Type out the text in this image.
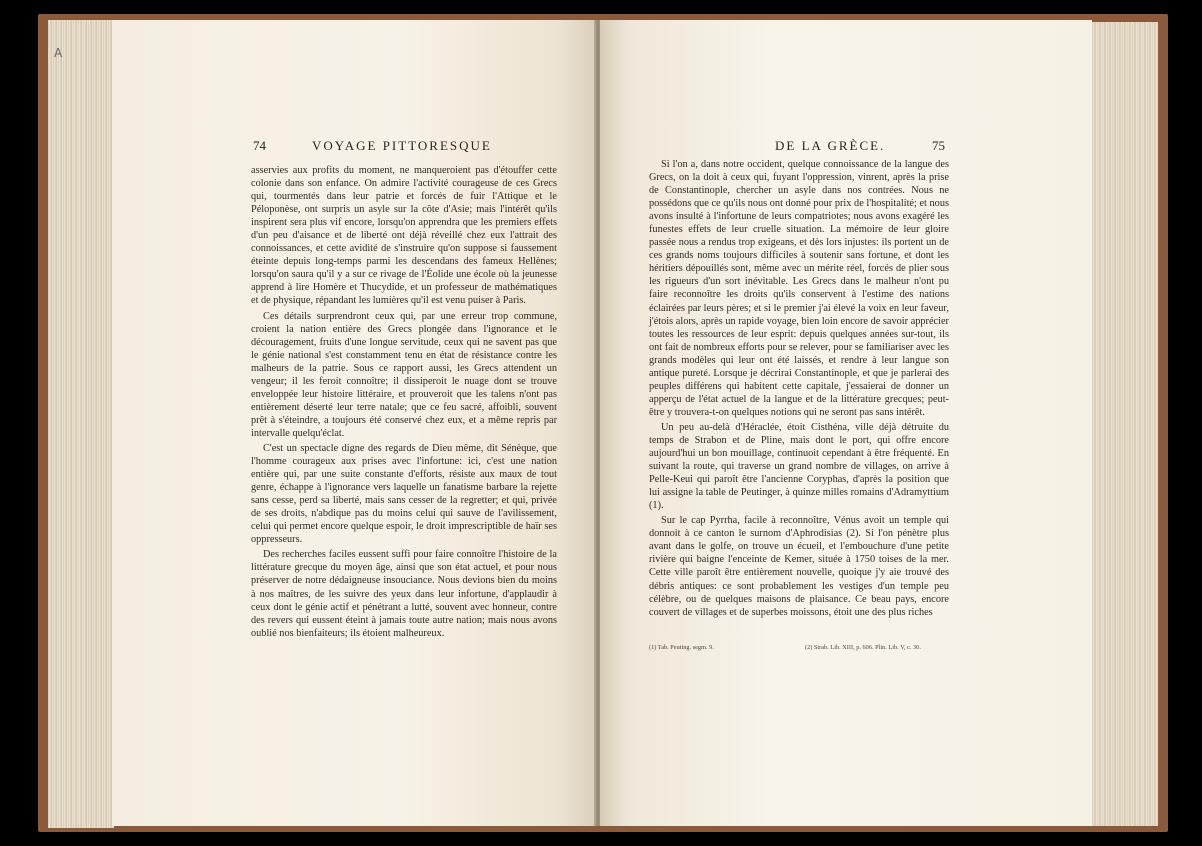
A
74	VOYAGE PITTORESQUE

asservies aux profits du moment, ne manqueroient pas d'étouffer cette colonie dans son enfance. On admire l'activité courageuse de ces Grecs qui, tourmentés dans leur patrie et forcés de fuir l'Attique et le Péloponèse, ont surpris un asyle sur la côte d'Asie; mais l'intérêt qu'ils inspirent sera plus vif encore, lorsqu'on apprendra que les premiers effets d'un peu d'aisance et de liberté ont déjà réveillé chez eux l'attrait des connoissances, et cette avidité de s'instruire qu'on suppose si faussement éteinte depuis long-temps parmi les descendans des fameux Hellènes; lorsqu'on saura qu'il y a sur ce rivage de l'Éolide une école où la jeunesse apprend à lire Homère et Thucydide, et un professeur de mathématiques et de physique, répandant les lumières qu'il est venu puiser à Paris.

Ces détails surprendront ceux qui, par une erreur trop commune, croient la nation entière des Grecs plongée dans l'ignorance et le découragement, fruits d'une longue servitude, ceux qui ne savent pas que le génie national s'est constamment tenu en état de résistance contre les malheurs de la patrie. Sous ce rapport aussi, les Grecs attendent un vengeur; il les feroit connoître; il dissiperoit le nuage dont se trouve enveloppée leur histoire littéraire, et prouveroit que les talens n'ont pas entièrement déserté leur terre natale; que ce feu sacré, affoibli, souvent prêt à s'éteindre, a toujours été conservé chez eux, et a même repris par intervalle quelqu'éclat.

C'est un spectacle digne des regards de Dieu même, dit Sénèque, que l'homme courageux aux prises avec l'infortune: ici, c'est une nation entière qui, par une suite constante d'efforts, résiste aux maux de tout genre, échappe à l'ignorance vers laquelle un fanatisme barbare la rejette sans cesse, perd sa liberté, mais sans cesser de la regretter; et qui, privée de ses droits, n'abdique pas du moins celui qui sauve de l'avilissement, celui qui permet encore quelque espoir, le droit imprescriptible de haïr ses oppresseurs.

Des recherches faciles eussent suffi pour faire connoître l'histoire de la littérature grecque du moyen âge, ainsi que son état actuel, et pour nous préserver de notre dédaigneuse insouciance. Nous devions bien du moins à nos maîtres, de les suivre des yeux dans leur infortune, d'applaudir à ceux dont le génie actif et pénétrant a lutté, souvent avec honneur, contre des revers qui eussent éteint à jamais toute autre nation; mais nous avons oublié nos bienfaiteurs; ils étoient malheureux.

DE LA GRÈCE.	75

Si l'on a, dans notre occident, quelque connoissance de la langue des Grecs, on la doit à ceux qui, fuyant l'oppression, vinrent, après la prise de Constantinople, chercher un asyle dans nos contrées. Nous ne possédons que ce qu'ils nous ont donné pour prix de l'hospitalité; et nous avons insulté à l'infortune de leurs compatriotes; nous avons exagéré les funestes effets de leur cruelle situation. La mémoire de leur gloire passée nous a rendus trop exigeans, et dès lors injustes: ils portent un de ces grands noms toujours difficiles à soutenir sans fortune, et dont les héritiers dépouillés sont, même avec un mérite réel, forcés de plier sous les rigueurs d'un sort inévitable. Les Grecs dans le malheur n'ont pu faire reconnoître les droits qu'ils conservent à l'estime des nations éclairées par leurs pères; et si le premier j'ai élevé la voix en leur faveur, j'étois alors, après un rapide voyage, bien loin encore de savoir apprécier toutes les ressources de leur esprit: depuis quelques années sur-tout, ils ont fait de nombreux efforts pour se relever, pour se familiariser avec les grands modèles qui leur ont été laissés, et rendre à leur langue son antique pureté. Lorsque je décrirai Constantinople, et que je parlerai des peuples différens qui habitent cette capitale, j'essaierai de donner un apperçu de l'état actuel de la langue et de la littérature grecques; peut-être y trouvera-t-on quelques notions qui ne seront pas sans intérêt.

Un peu au-delà d'Héraclée, étoit Cisthéna, ville déjà détruite du temps de Strabon et de Pline, mais dont le port, qui offre encore aujourd'hui un bon mouillage, continuoit cependant à être fréquenté. En suivant la route, qui traverse un grand nombre de villages, on arrive à Pelle-Keui qui paroît être l'ancienne Coryphas, d'après la position que lui assigne la table de Peutinger, à quinze milles romains d'Adramyttium (1).

Sur le cap Pyrrha, facile à reconnoître, Vénus avoit un temple qui donnoit à ce canton le surnom d'Aphrodisias (2). Si l'on pénètre plus avant dans le golfe, on trouve un écueil, et l'embouchure d'une petite rivière qui baigne l'enceinte de Kemer, située à 1750 toises de la mer. Cette ville paroît être entièrement nouvelle, quoique j'y aie trouvé des débris antiques: ce sont probablement les vestiges d'un temple peu célèbre, ou de quelques maisons de plaisance. Ce beau pays, encore couvert de villages et de superbes moissons, étoit une des plus riches

(1) Tab. Peuting. segm. 9.	(2) Strab. Lib. XIII, p. 606. Plin. Lib. V, c. 30.
